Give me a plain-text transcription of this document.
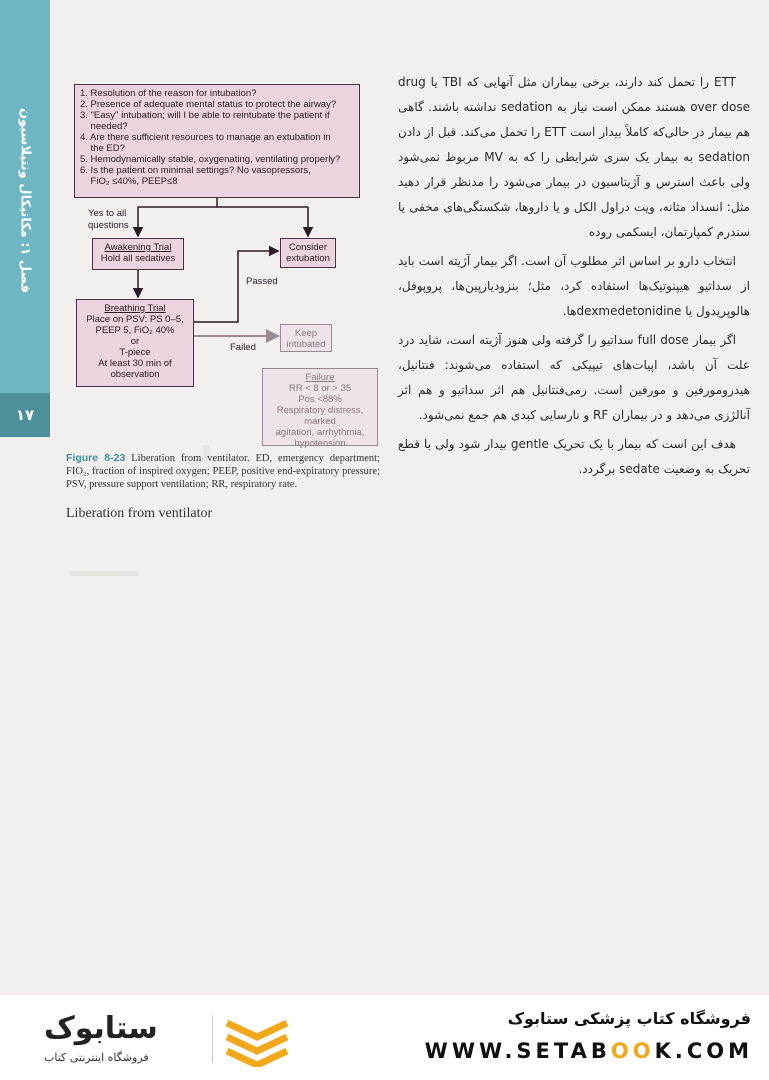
فصل ۱: مکانیکال ونتیلاسیون
۱۷
ر
ـــــ
1. Resolution of the reason for intubation?
2. Presence of adequate mental status to protect the airway?
3. "Easy" intubation; will I be able to reintubate the patient if
needed?
4. Are there sufficient resources to manage an extubation in
the ED?
5. Hemodynamically stable, oxygenating, ventilating properly?
6. Is the patient on minimal settings? No vasopressors,
FiO₂ ≤40%, PEEP≤8
Yes to all
questions
Awakening Trial
Hold all sedatives
Consider
extubation
Passed
Breathing Trial
Place on PSV: PS 0–5,
PEEP 5, FiO₂ 40%
or
T-piece
At least 30 min of
observation
Failed
Keep
intubated
Failure
RR < 8 or > 35
Pos <88%
Respiratory distress, marked
agitation, arrhythmia,
hypotension
Figure 8-23 Liberation from ventilator. ED, emergency department; FIO₂, fraction of inspired oxygen; PEEP, positive end-expiratory pressure; PSV, pressure support ventilation; RR, respiratory rate.
Liberation from ventilator

ETT را تحمل کند دارند، برخی بیماران مثل آنهایی که TBI یا drug over dose هستند ممکن است نیاز به sedation نداشته باشند. گاهی هم بیمار در حالی‌که کاملاً بیدار است ETT را تحمل می‌کند. قبل از دادن sedation به بیمار یک سری شرایطی را که به MV مربوط نمی‌شود ولی باعث استرس و آژیتاسیون در بیمار می‌شود را مدنظر قرار دهید مثل: انسداد مثانه، ویت دراول الکل و یا داروها، شکستگی‌های مخفی یا سندرم کمپارتمان، ایسکمی روده

انتخاب دارو بر اساس اثر مطلوب آن است. اگر بیمار آژیته است باید از سداتیو هیپنوتیک‌ها استفاده کرد، مثل؛ بنزودیازپین‌ها، پروپوفل، هالوپریدول یا dexmedetonidineها.

اگر بیمار full dose سداتیو را گرفته ولی هنوز آژیته است، شاید درد علت آن باشد، اپیات‌های تیپیکی که استفاده می‌شوند: فنتانیل، هیدرومورفین و مورفین است. رمی‌فنتانیل هم اثر سداتیو و هم اثر آنالژزی می‌دهد و در بیماران RF و نارسایی کبدی هم جمع نمی‌شود.

هدف این است که بیمار با یک تحریک gentle بیدار شود ولی با قطع تحریک به وضعیت sedate برگردد.

ستابوک
فروشگاه اینترنتی کتاب
فروشگاه کتاب پزشکی ستابوک
WWW.SETABOOK.COM
